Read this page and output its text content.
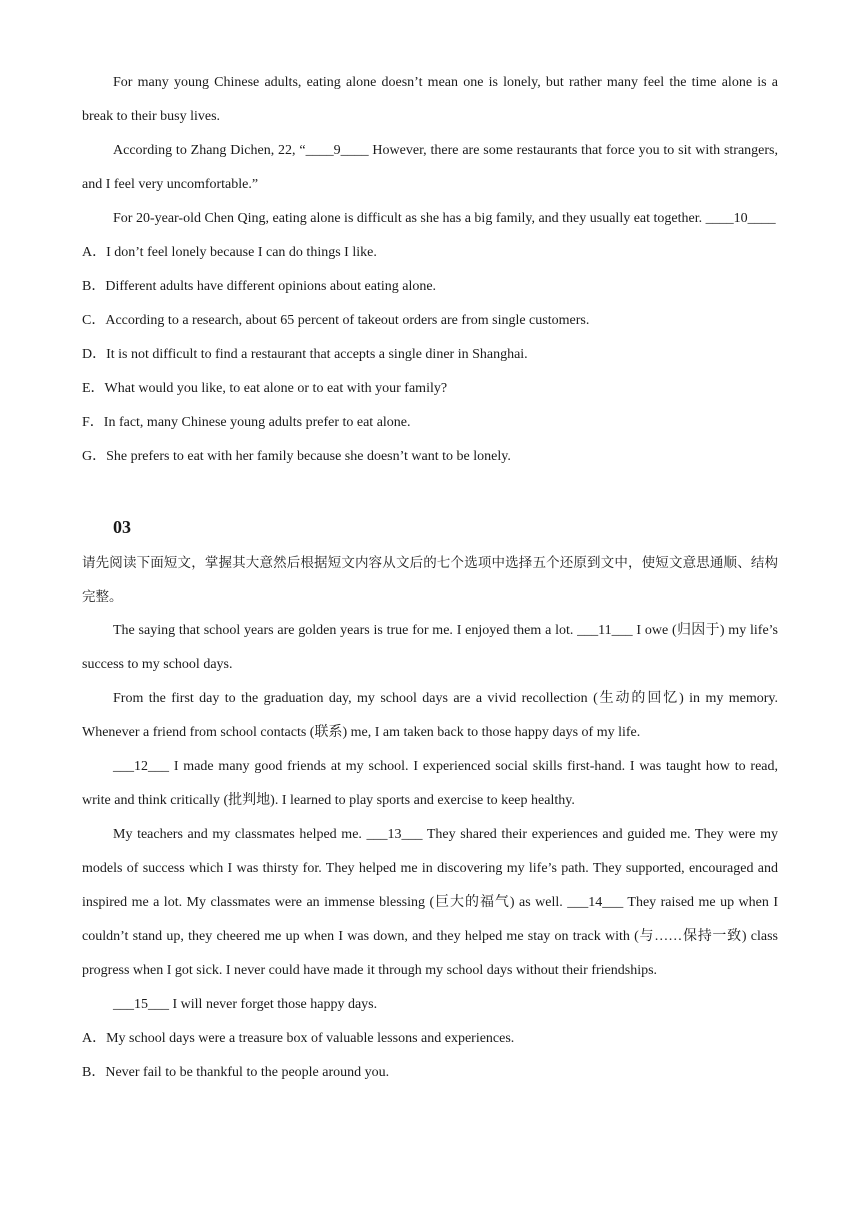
For many young Chinese adults, eating alone doesn’t mean one is lonely, but rather many feel the time alone is a break to their busy lives.

According to Zhang Dichen, 22, “____9____ However, there are some restaurants that force you to sit with strangers, and I feel very uncomfortable.”

For 20-year-old Chen Qing, eating alone is difficult as she has a big family, and they usually eat together. ____10____

A．I don’t feel lonely because I can do things I like.

B．Different adults have different opinions about eating alone.

C．According to a research, about 65 percent of takeout orders are from single customers.

D．It is not difficult to find a restaurant that accepts a single diner in Shanghai.

E．What would you like, to eat alone or to eat with your family?

F．In fact, many Chinese young adults prefer to eat alone.

G．She prefers to eat with her family because she doesn’t want to be lonely.

03

请先阅读下面短文，掌握其大意然后根据短文内容从文后的七个选项中选择五个还原到文中，使短文意思通顺、结构完整。

The saying that school years are golden years is true for me. I enjoyed them a lot. ___11___ I owe (归因于) my life’s success to my school days.

From the first day to the graduation day, my school days are a vivid recollection (生动的回忆) in my memory. Whenever a friend from school contacts (联系) me, I am taken back to those happy days of my life.

___12___ I made many good friends at my school. I experienced social skills first-hand. I was taught how to read, write and think critically (批判地). I learned to play sports and exercise to keep healthy.

My teachers and my classmates helped me. ___13___ They shared their experiences and guided me. They were my models of success which I was thirsty for. They helped me in discovering my life’s path. They supported, encouraged and inspired me a lot. My classmates were an immense blessing (巨大的福气) as well. ___14___ They raised me up when I couldn’t stand up, they cheered me up when I was down, and they helped me stay on track with (与……保持一致) class progress when I got sick. I never could have made it through my school days without their friendships.

___15___ I will never forget those happy days.

A．My school days were a treasure box of valuable lessons and experiences.

B．Never fail to be thankful to the people around you.
